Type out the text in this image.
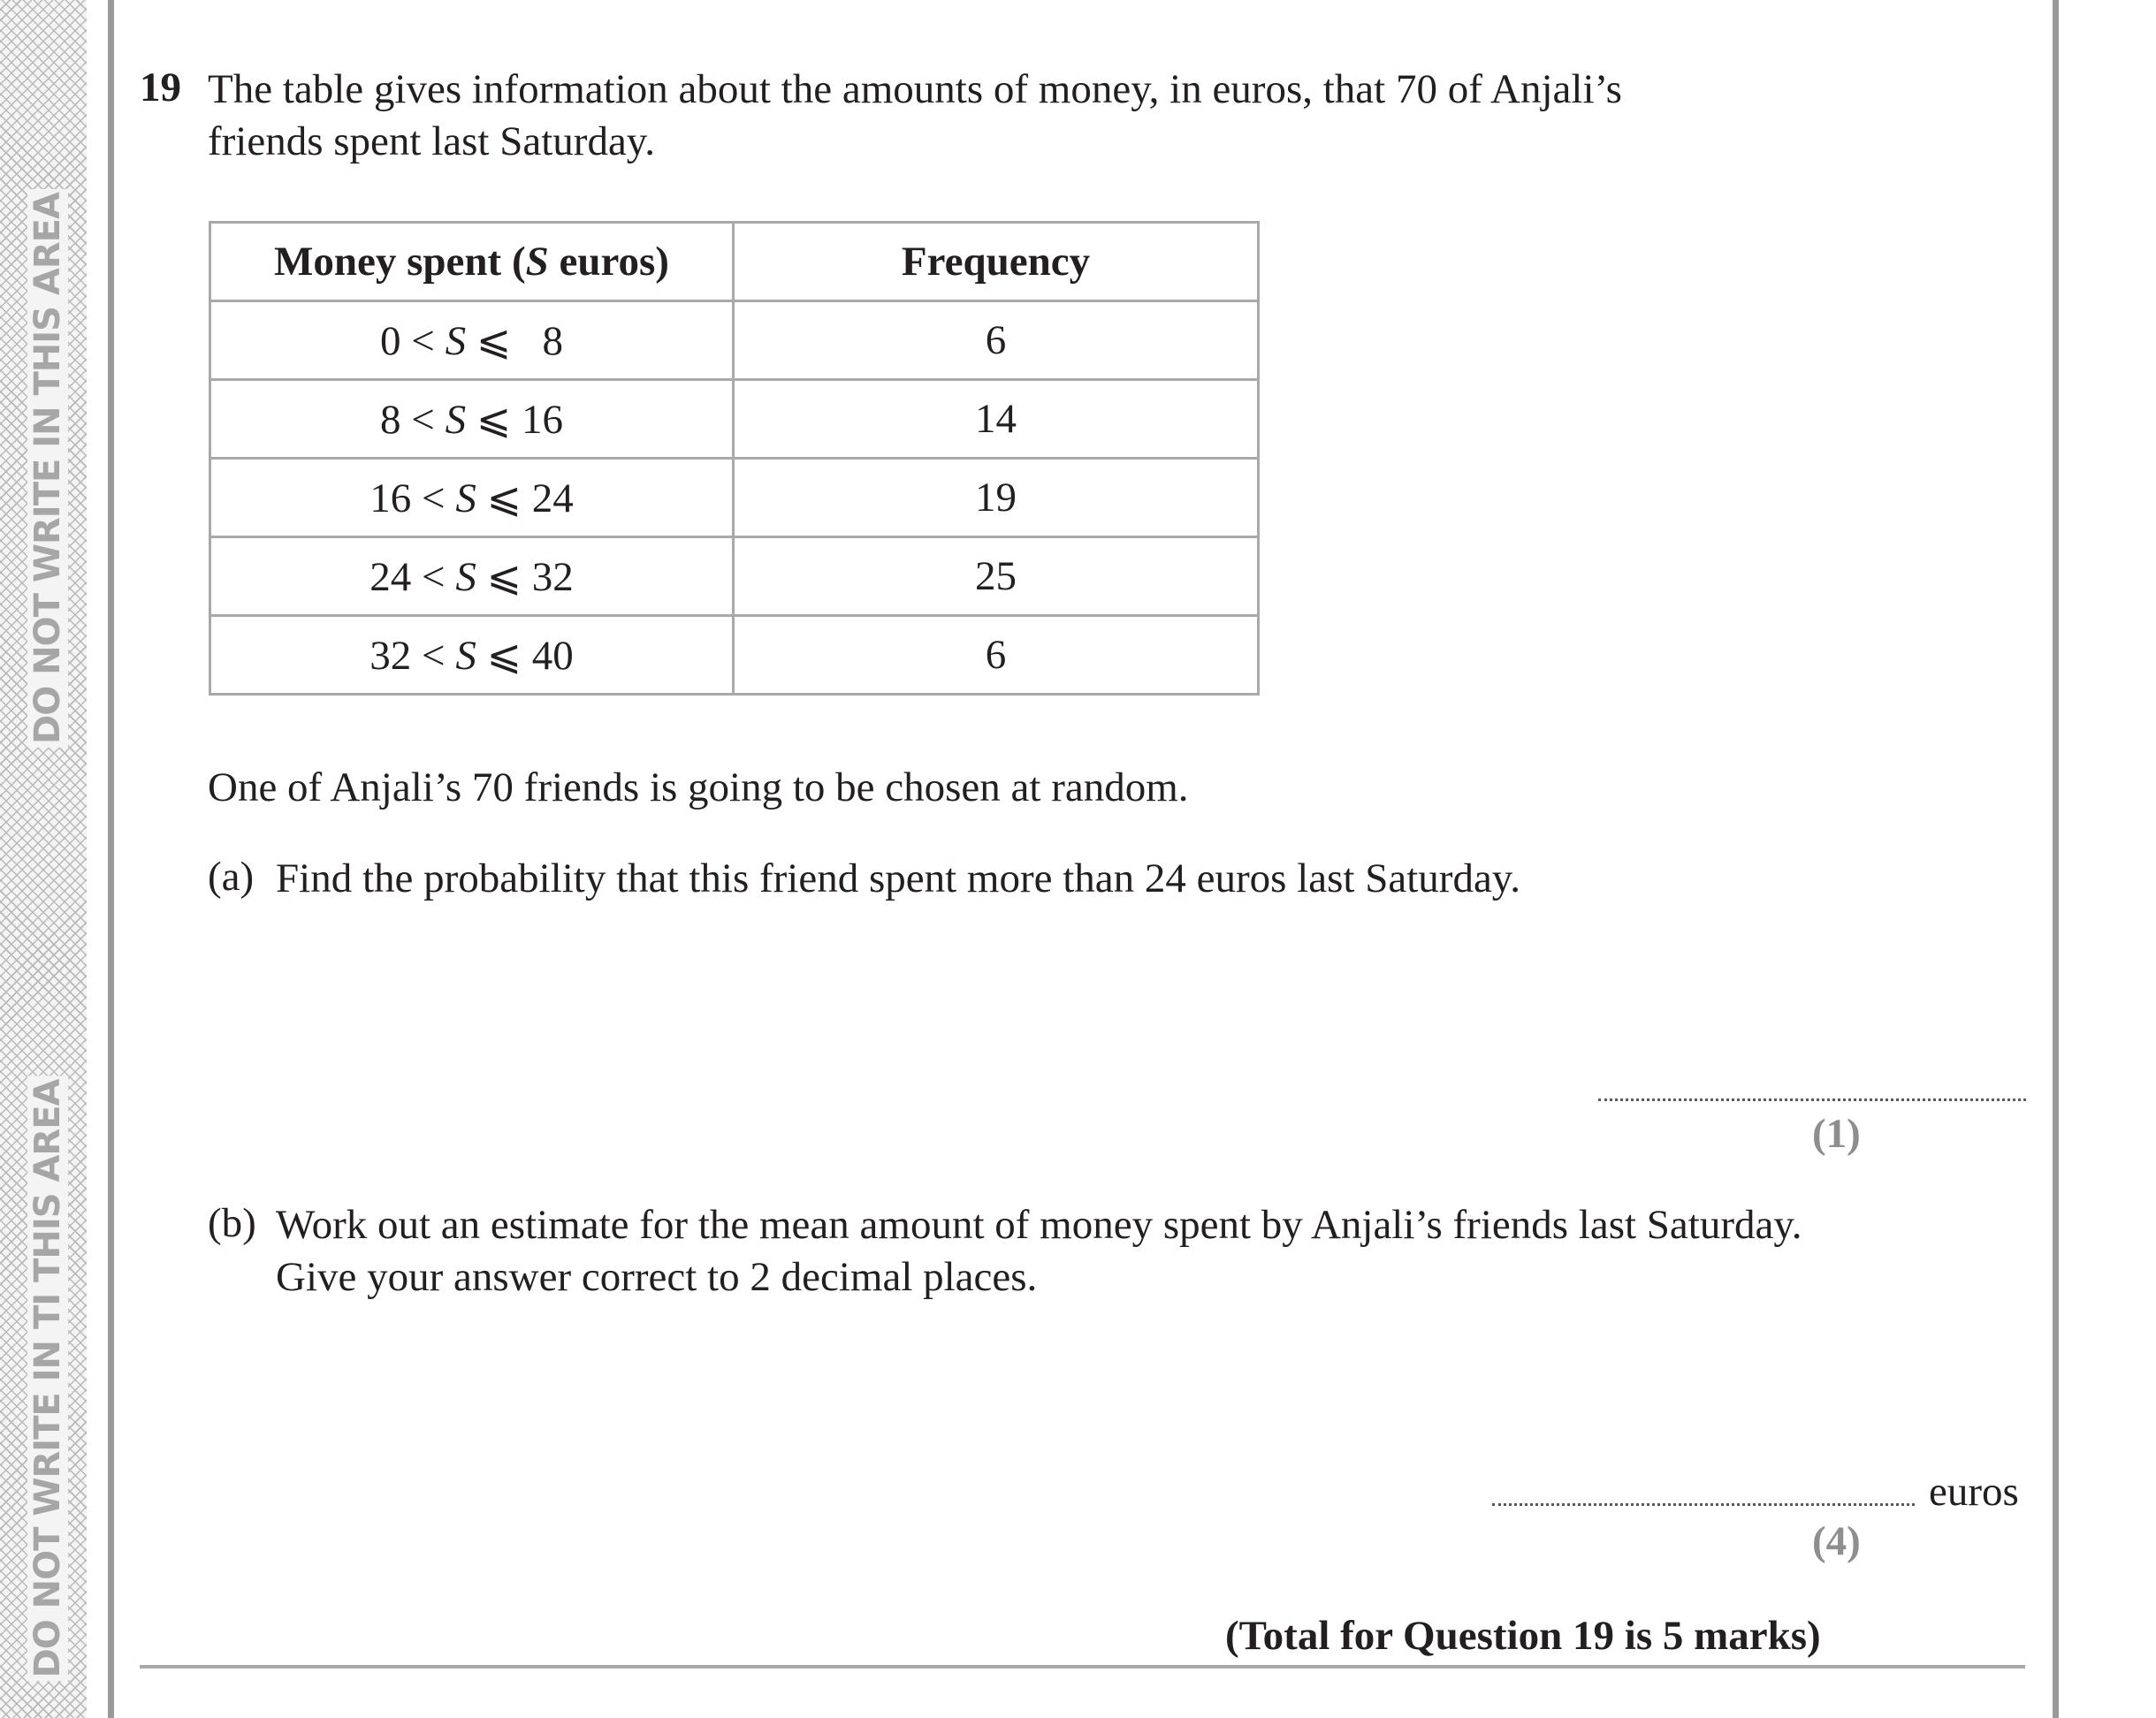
DO NOT WRITE IN THIS AREA
DO NOT WRITE IN TI THIS AREA
19 The table gives information about the amounts of money, in euros, that 70 of Anjali’s
friends spent last Saturday.
Money spent (S euros)	Frequency
0 < S ⩽ 8	6
8 < S ⩽ 16	14
16 < S ⩽ 24	19
24 < S ⩽ 32	25
32 < S ⩽ 40	6
One of Anjali’s 70 friends is going to be chosen at random.
(a) Find the probability that this friend spent more than 24 euros last Saturday.
(1)
(b) Work out an estimate for the mean amount of money spent by Anjali’s friends last Saturday.
Give your answer correct to 2 decimal places.
euros
(4)
(Total for Question 19 is 5 marks)
